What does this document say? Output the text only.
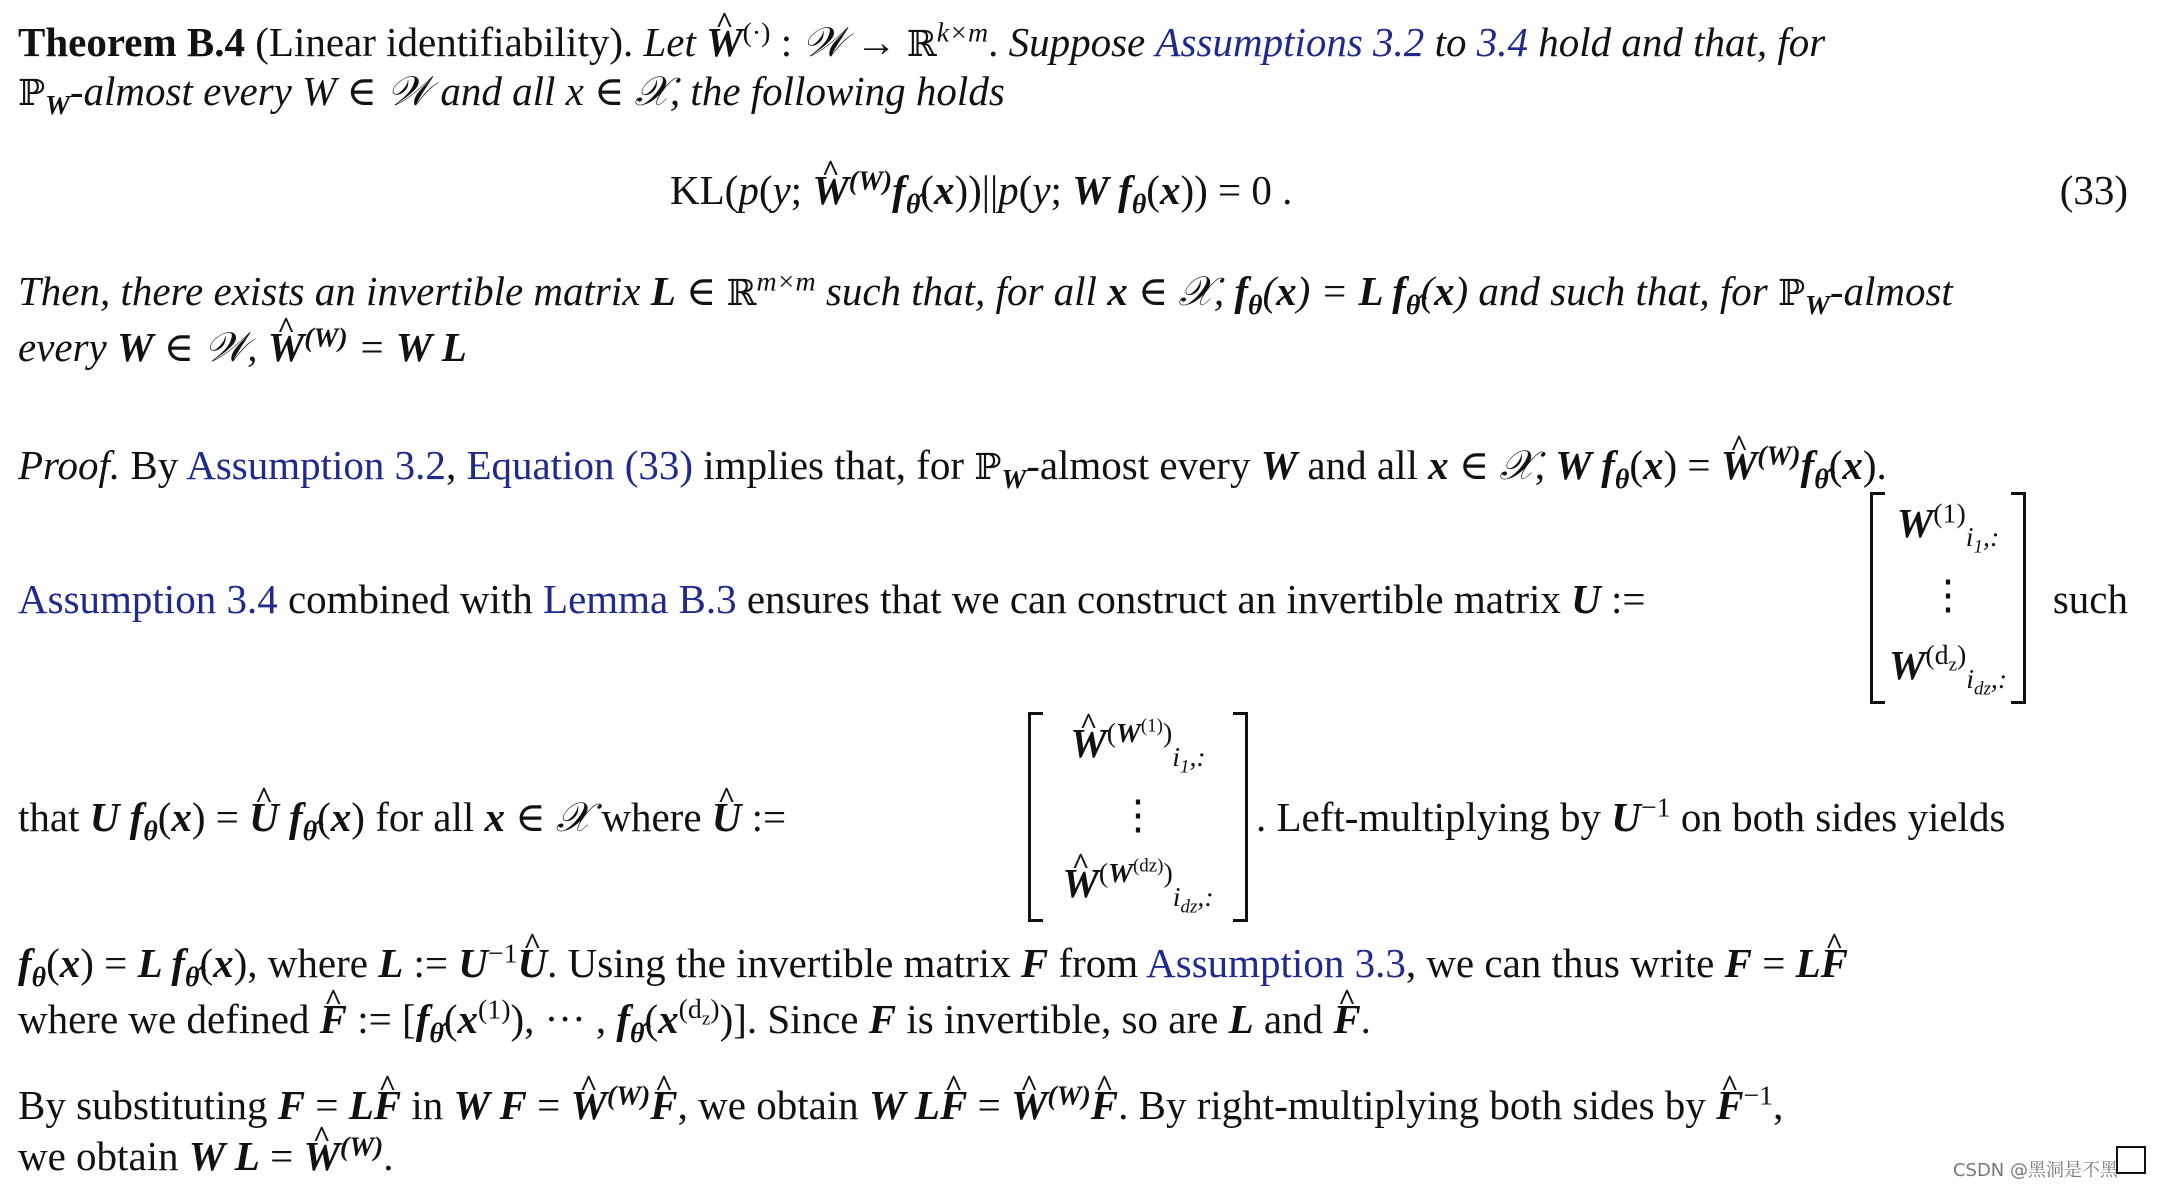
Theorem B.4 (Linear identifiability). Let ^ W(·) : 𝒲 → ℝ$^{k\times m}$. Suppose Assumptions 3.2 to 3.4 hold and that, for
ℙ$_W$-almost every W ∈ 𝒲 and all x ∈ 𝒳, the following holds
KL(p(y; ^ $W^{(W)}f_{\thetâ}(x))||p(y$; W $f_\theta(x)) = 0$ .	(33)
Then, there exists an invertible matrix L ∈ ℝ$^{m\times m}$ such that, for all x ∈ 𝒳, $f_\theta(x) = L$ $f_{\thetâ}(x)$ and such that, for ℙ$_W$-almost
every W ∈ 𝒲, ^ $W^{(W)} = W$ L
Proof. By Assumption 3.2, Equation (33) implies that, for ℙ$_W$-almost every W and all x ∈ 𝒳, W $f_\theta(x)$ = ^ $W^{(W)}f_{\thetâ}(x)$.
Assumption 3.4 combined with Lemma B.3 ensures that we can construct an invertible matrix U :=	such
$W^{(1)}_{i_1,:}$
⋮
$W^{(d_z)}_{i_{dz},:}$
that U $f_\theta(x)$ = ^ U $f_{\thetâ}(x)$ for all x ∈ 𝒳 where ^ U :=	. Left-multiplying by $U^{-1}$ on both sides yields
^ $W^{(W^{(1)})}_{i_1,:}$
⋮
^ $W^{(W^{(dz)})}_{i_{dz},:}$
$f_\theta(x) = L$ $f_{\thetâ}(x)$, where L := $U^{-1}\^{}$ U. Using the invertible matrix F from Assumption 3.3, we can thus write F = L^ F
where we defined ^ F := [$f_{\thetâ}(x^{(1)})$, ··· , $f_{\thetâ}(x^{(d_z)})$]. Since F is invertible, so are L and ^ F.
By substituting F = L^ F in W F = ^ $W^{(W)}\^{}$ F, we obtain W L^ F = ^ $W^{(W)}\^{}$ F. By right-multiplying both sides by ^ $F^{-1}$,
we obtain W L = ^ $W^{(W)}$.	CSDN @黑洞是不黑
